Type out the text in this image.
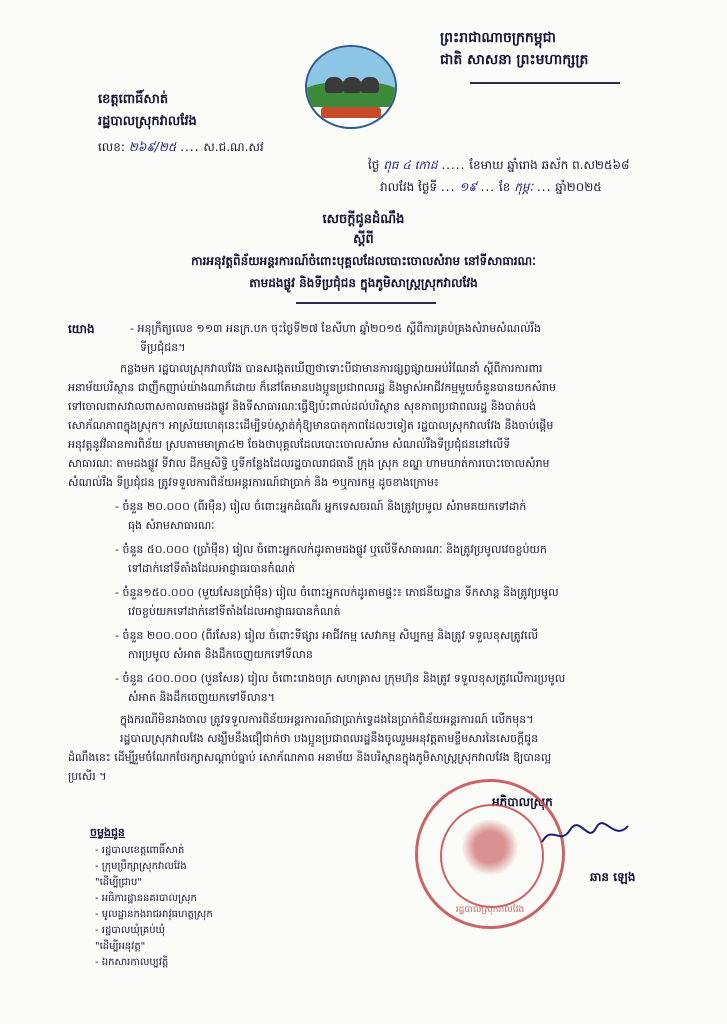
ព្រះរាជាណាចក្រកម្ពុជា
ជាតិ សាសនា ព្រះមហាក្សត្រ
ខេត្តពោធិ៍សាត់
រដ្ឋបាលស្រុកវាលវែង
លេខ: ២៦៩/២៥ .... ស.ជ.ណ.សវ
ថ្ងៃ ពុធ ៤ កោដ ..... ខែមាឃ ឆ្នាំរោង ឆស័ក ព.ស២៥៦៨
វាលវែង ថ្ងៃទី ... ១៩ ... ខែ កុម្ភៈ ... ឆ្នាំ២០២៥
សេចក្តីជូនដំណឹង
ស្តីពី
ការអនុវត្តពិន័យអន្តរការណ៍ចំពោះបុគ្គលដែលបោះចោលសំរាម នៅទីសាធារណៈ
តាមដងផ្លូវ និងទីប្រជុំជន ក្នុងភូមិសាស្រ្តស្រុកវាលវែង
យោង	- អនុក្រឹត្យលេខ ១១៣ អនក្រ.បក ចុះថ្ងៃទី២៧ ខែសីហា ឆ្នាំ២០១៥ ស្តីពីការគ្រប់គ្រងសំរាមសំណល់រឹង
ទីប្រជុំជន។
កន្លងមក រដ្ឋបាលស្រុកវាលវែង បានសង្កេតឃើញថាទោះបីជាមានការផ្សព្វផ្សាយអប់រំណែនាំ ស្តីពីការការពារ
អនាម័យបរិស្ថាន ជាញឹកញាប់យ៉ាងណាក៏ដោយ ក៏នៅតែមានបងប្អូនប្រជាពលរដ្ឋ និងម្ចាស់អាជីវកម្មមួយចំនួនបានយកសំរាម
ទៅចោលពាសវាលពាសកាលតាមដងផ្លូវ និងទីសាធារណៈធ្វើឱ្យប៉ះពាល់ដល់បរិស្ថាន សុខភាពប្រជាពលរដ្ឋ និងបាត់បង់
សោភ័ណភាពក្នុងស្រុក។ អាស្រ័យហេតុនេះដើម្បីទប់ស្កាត់កុំឱ្យមានបាតុភាពដែលៗទៀត រដ្ឋបាលស្រុកវាលវែង នឹងចាប់ផ្តើម
អនុវត្តនូវវិធានការពិន័យ ស្របតាមមាត្រា៤២ ចែងថាបុគ្គលដែលបោះចោលសំរាម សំណល់រឹងទីប្រជុំជននៅលើទី
សាធារណៈ តាមដងផ្លូវ ទីវាល ដីកម្មសិទ្ធិ ឬទីកន្លែងដែលរដ្ឋបាលរាជធានី ក្រុង ស្រុក ខណ្ឌ ហាមឃាត់ការបោះចោលសំរាម
សំណល់រឹង ទីប្រជុំជន ត្រូវទទួលការពិន័យអន្តរការណ៍ជាប្រាក់ និង ១ឬការកម្ម ដូចខាងក្រោម៖
- ចំនួន ២០.០០០ (ពីរម៉ឺន) រៀល ចំពោះអ្នកដំណើរ អ្នកទេសចរណ៍ និងត្រូវប្រមូល សំរាមគយកទៅដាក់
ធុង សំរាមសាធារណៈ
- ចំនួន ៥០.០០០ (ប្រាំម៉ឺន) រៀល ចំពោះអ្នកលក់ដូរតាមដងផ្លូវ ឬលើទីសាធារណៈ និងត្រូវប្រមូលវេចខ្ចប់យក
ទៅដាក់នៅទីតាំងដែលអាជ្ញាធរបានកំណត់
- ចំនួន១៥០.០០០ (មួយសែនប្រាំម៉ឺន) រៀល ចំពោះអ្នកលក់ដូរតាមផ្ទះ៖ ភោជនីយដ្ឋាន ទីកសាន្ត និងត្រូវប្រមូល
វេចខ្ចប់យកទៅដាក់នៅទីតាំងដែលអាជ្ញាធរបានកំណត់
- ចំនួន ២០០.០០០ (ពីរសែន) រៀល ចំពោះទីផ្សារ អាជីវកម្ម សេវាកម្ម សិប្បកម្ម និងត្រូវ ទទួលខុសត្រូវលើ
ការប្រមូល សំអាត និងដឹកចេញយកទៅទីលាន
- ចំនួន ៤០០.០០០ (បួនសែន) រៀល ចំពោះរោងចក្រ សហគ្រាស ក្រុមហ៊ុន និងត្រូវ ទទួលខុសត្រូវលើការប្រមូល
សំអាត និងដឹកចេញយកទៅទីលាន។
ក្នុងករណីមិនរាងចាល ត្រូវទទួលការពិន័យអន្តរការណ៍ជាប្រាក់ទ្វេដងនៃប្រាក់ពិន័យអន្តរការណ៍ លើកមុន។
រដ្ឋបាលស្រុកវាលវែង សង្ឃឹមនឹងជឿជាក់ថា បងប្អូនប្រជាពលរដ្ឋនឹងចូលរួមអនុវត្តតាមខ្លឹមសារនៃសេចក្តីជូន
ដំណឹងនេះ ដើម្បីរួមចំណែកថែរក្សាសណ្តាប់ធ្នាប់ សោភ័ណភាព អនាម័យ និងបរិស្ថានក្នុងភូមិសាស្រ្តស្រុកវាលវែង ឱ្យបានល្អ
ប្រសើរ ។
អភិបាលស្រុក
រដ្ឋបាលស្រុកវាលវែង
ឆាន ឡេង
ចម្លងជូន
- រដ្ឋបាលខេត្តពោធិ៍សាត់
- ក្រុមប្រឹក្សាស្រុកវាលវែង
"ដើម្បីជ្រាប"
- អធិការដ្ឋាននគរបាលស្រុក
- មូលដ្ឋានកងរាជអាវុធហត្ថស្រុក
- រដ្ឋបាលឃុំគ្រប់ឃុំ
"ដើម្បីអនុវត្ត"
- ឯកសារកាលប្បវត្តិ
